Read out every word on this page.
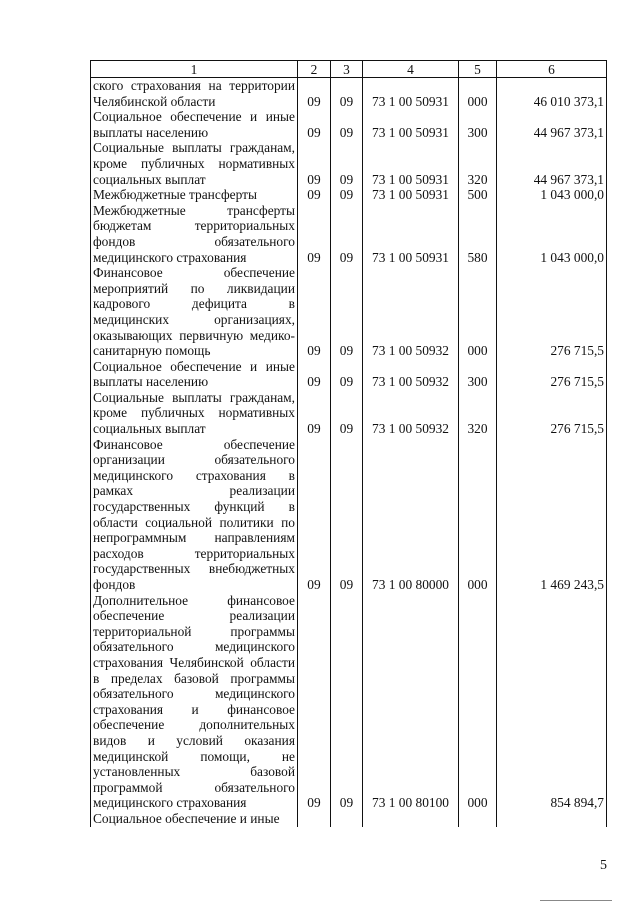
1	2	3	4	5	6
ского страхования на территории Челябинской области	09	09	73 1 00 50931	000	46 010 373,1
Социальное обеспечение и иные выплаты населению	09	09	73 1 00 50931	300	44 967 373,1
Социальные выплаты гражданам, кроме публичных нормативных социальных выплат	09	09	73 1 00 50931	320	44 967 373,1
Межбюджетные трансферты	09	09	73 1 00 50931	500	1 043 000,0
Межбюджетные трансферты бюджетам территориальных фондов обязательного медицинского страхования	09	09	73 1 00 50931	580	1 043 000,0
Финансовое обеспечение мероприятий по ликвидации кадрового дефицита в медицинских организациях, оказывающих первичную медико-санитарную помощь	09	09	73 1 00 50932	000	276 715,5
Социальное обеспечение и иные выплаты населению	09	09	73 1 00 50932	300	276 715,5
Социальные выплаты гражданам, кроме публичных нормативных социальных выплат	09	09	73 1 00 50932	320	276 715,5
Финансовое обеспечение организации обязательного медицинского страхования в рамках реализации государственных функций в области социальной политики по непрограммным направлениям расходов территориальных государственных внебюджетных фондов	09	09	73 1 00 80000	000	1 469 243,5
Дополнительное финансовое обеспечение реализации территориальной программы обязательного медицинского страхования Челябинской области в пределах базовой программы обязательного медицинского страхования и финансовое обеспечение дополнительных видов и условий оказания медицинской помощи, не установленных базовой программой обязательного медицинского страхования	09	09	73 1 00 80100	000	854 894,7
Социальное обеспечение и иные					
5
